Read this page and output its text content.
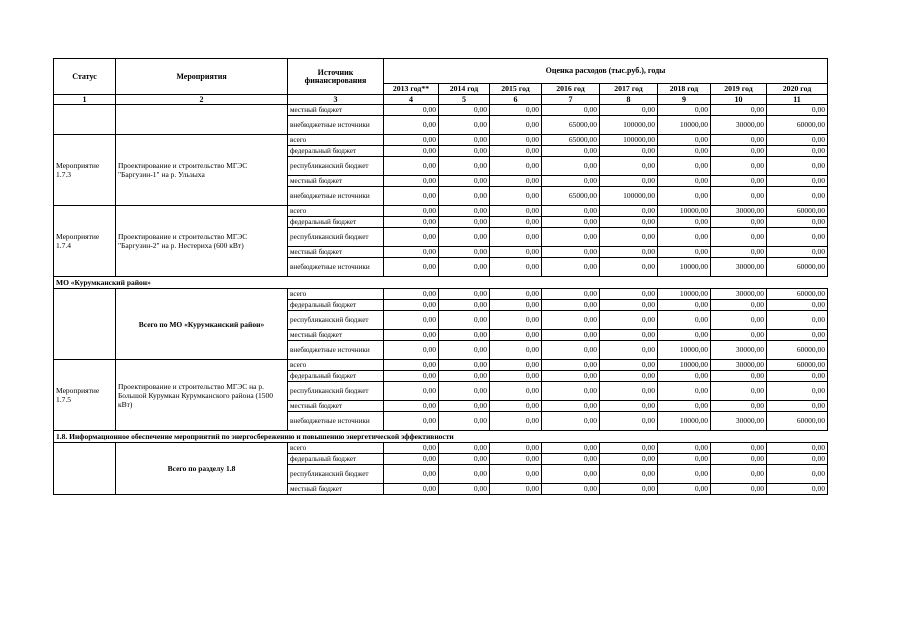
Статус	Мероприятия	Источник финансирования	Оценка расходов (тыс.руб.), годы							
			2013 год**	2014 год	2015 год	2016 год	2017 год	2018 год	2019 год	2020 год
1	2	3	4	5	6	7	8	9	10	11
		местный бюджет	0,00	0,00	0,00	0,00	0,00	0,00	0,00	0,00
		внебюджетные источники	0,00	0,00	0,00	65000,00	100000,00	10000,00	30000,00	60000,00
Мероприятие 1.7.3	Проектирование и строительство МГЭС "Баргузин-1" на р. Ульзыха	всего	0,00	0,00	0,00	65000,00	100000,00	0,00	0,00	0,00
		федеральный бюджет	0,00	0,00	0,00	0,00	0,00	0,00	0,00	0,00
		республиканский бюджет	0,00	0,00	0,00	0,00	0,00	0,00	0,00	0,00
		местный бюджет	0,00	0,00	0,00	0,00	0,00	0,00	0,00	0,00
		внебюджетные источники	0,00	0,00	0,00	65000,00	100000,00	0,00	0,00	0,00
Мероприятие 1.7.4	Проектирование и строительство МГЭС "Баргузин-2" на р. Нестериха (600 кВт)	всего	0,00	0,00	0,00	0,00	0,00	10000,00	30000,00	60000,00
		федеральный бюджет	0,00	0,00	0,00	0,00	0,00	0,00	0,00	0,00
		республиканский бюджет	0,00	0,00	0,00	0,00	0,00	0,00	0,00	0,00
		местный бюджет	0,00	0,00	0,00	0,00	0,00	0,00	0,00	0,00
		внебюджетные источники	0,00	0,00	0,00	0,00	0,00	10000,00	30000,00	60000,00
МО «Курумканский район»										
	Всего по МО «Курумканский район»	всего	0,00	0,00	0,00	0,00	0,00	10000,00	30000,00	60000,00
		федеральный бюджет	0,00	0,00	0,00	0,00	0,00	0,00	0,00	0,00
		республиканский бюджет	0,00	0,00	0,00	0,00	0,00	0,00	0,00	0,00
		местный бюджет	0,00	0,00	0,00	0,00	0,00	0,00	0,00	0,00
		внебюджетные источники	0,00	0,00	0,00	0,00	0,00	10000,00	30000,00	60000,00
Мероприятие 1.7.5	Проектирование и строительство МГЭС на р. Большой Курумкан Курумканского района (1500 кВт)	всего	0,00	0,00	0,00	0,00	0,00	10000,00	30000,00	60000,00
		федеральный бюджет	0,00	0,00	0,00	0,00	0,00	0,00	0,00	0,00
		республиканский бюджет	0,00	0,00	0,00	0,00	0,00	0,00	0,00	0,00
		местный бюджет	0,00	0,00	0,00	0,00	0,00	0,00	0,00	0,00
		внебюджетные источники	0,00	0,00	0,00	0,00	0,00	10000,00	30000,00	60000,00
1.8. Информационное обеспечение мероприятий по энергосбережению и повышению энергетической эффективности										
	Всего по разделу 1.8	всего	0,00	0,00	0,00	0,00	0,00	0,00	0,00	0,00
		федеральный бюджет	0,00	0,00	0,00	0,00	0,00	0,00	0,00	0,00
		республиканский бюджет	0,00	0,00	0,00	0,00	0,00	0,00	0,00	0,00
		местный бюджет	0,00	0,00	0,00	0,00	0,00	0,00	0,00	0,00
